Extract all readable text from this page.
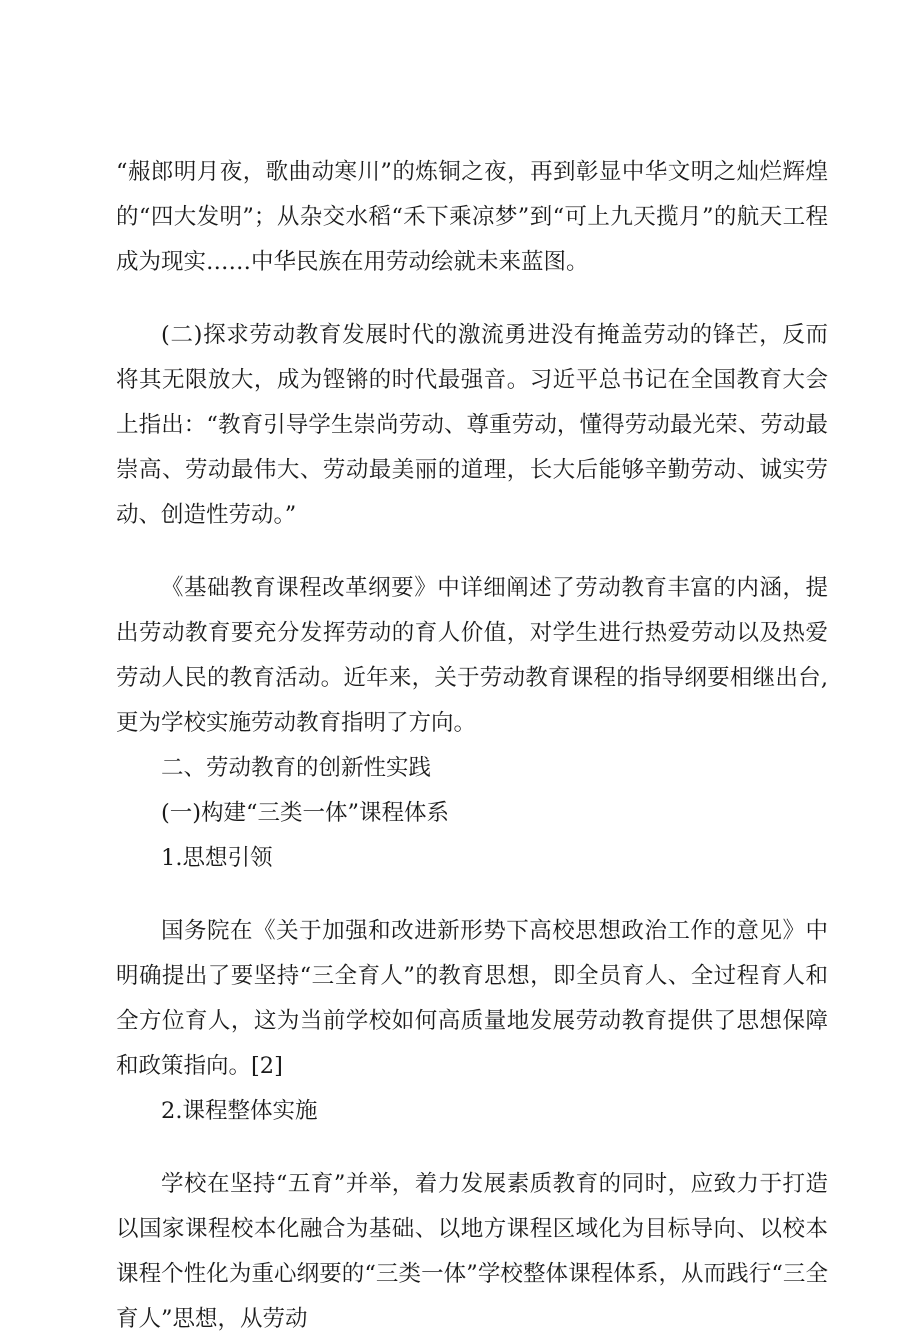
“赧郎明月夜，歌曲动寒川”的炼铜之夜，再到彰显中华文明之灿烂辉煌的“四大发明”；从杂交水稻“禾下乘凉梦”到“可上九天揽月”的航天工程成为现实……中华民族在用劳动绘就未来蓝图。

(二)探求劳动教育发展时代的激流勇进没有掩盖劳动的锋芒，反而将其无限放大，成为铿锵的时代最强音。习近平总书记在全国教育大会上指出：“教育引导学生崇尚劳动、尊重劳动，懂得劳动最光荣、劳动最崇高、劳动最伟大、劳动最美丽的道理，长大后能够辛勤劳动、诚实劳动、创造性劳动。”

《基础教育课程改革纲要》中详细阐述了劳动教育丰富的内涵，提出劳动教育要充分发挥劳动的育人价值，对学生进行热爱劳动以及热爱劳动人民的教育活动。近年来，关于劳动教育课程的指导纲要相继出台,更为学校实施劳动教育指明了方向。

二、劳动教育的创新性实践

(一)构建“三类一体”课程体系

1.思想引领

国务院在《关于加强和改进新形势下高校思想政治工作的意见》中明确提出了要坚持“三全育人”的教育思想，即全员育人、全过程育人和全方位育人，这为当前学校如何高质量地发展劳动教育提供了思想保障和政策指向。[2]

2.课程整体实施

学校在坚持“五育”并举，着力发展素质教育的同时，应致力于打造以国家课程校本化融合为基础、以地方课程区域化为目标导向、以校本课程个性化为重心纲要的“三类一体”学校整体课程体系，从而践行“三全育人”思想，从劳动
